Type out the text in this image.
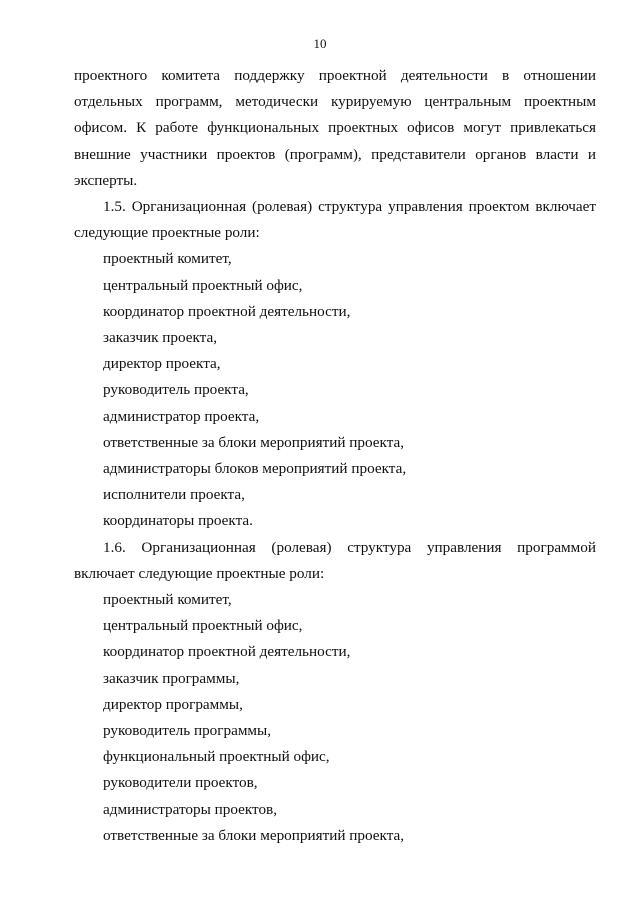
10

проектного комитета поддержку проектной деятельности в отношении
отдельных программ, методически курируемую центральным проектным
офисом. К работе функциональных проектных офисов могут привлекаться
внешние участники проектов (программ), представители органов власти и
эксперты.

1.5. Организационная (ролевая) структура управления проектом включает
следующие проектные роли:

проектный комитет,
центральный проектный офис,
координатор проектной деятельности,
заказчик проекта,
директор проекта,
руководитель проекта,
администратор проекта,
ответственные за блоки мероприятий проекта,
администраторы блоков мероприятий проекта,
исполнители проекта,
координаторы проекта.

1.6. Организационная (ролевая) структура управления программой
включает следующие проектные роли:

проектный комитет,
центральный проектный офис,
координатор проектной деятельности,
заказчик программы,
директор программы,
руководитель программы,
функциональный проектный офис,
руководители проектов,
администраторы проектов,
ответственные за блоки мероприятий проекта,
